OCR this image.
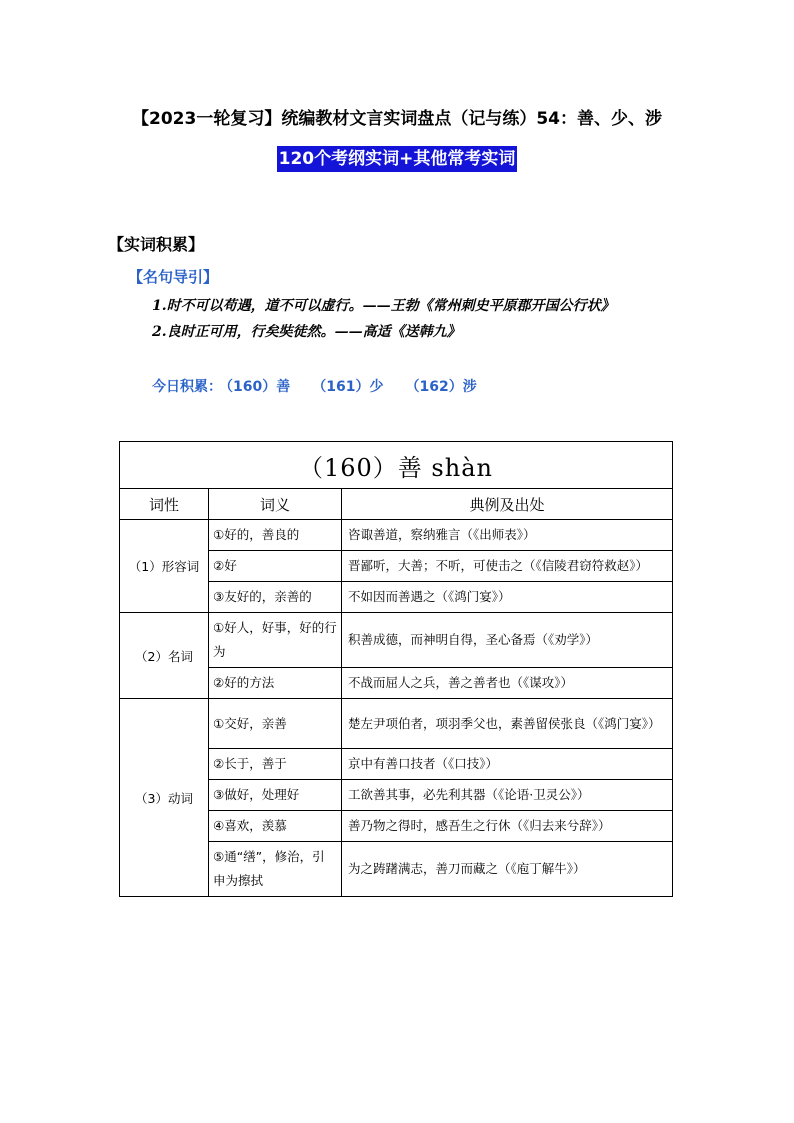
【2023一轮复习】统编教材文言实词盘点（记与练）54：善、少、涉
120个考纲实词+其他常考实词
【实词积累】
【名句导引】
1.时不可以苟遇，道不可以虚行。——王勃《常州刺史平原郡开国公行状》
2.良时正可用，行矣奘徒然。——高适《送韩九》
今日积累： （160）善 （161）少 （162）涉
（160）善 shàn		
词性	词义	典例及出处
（1）形容词	①好的，善良的	咨诹善道，察纳雅言（《出师表》）
	②好	晋鄙听，大善；不听，可使击之（《信陵君窃符救赵》）
	③友好的，亲善的	不如因而善遇之（《鸿门宴》）
（2）名词	①好人，好事，好的行为	积善成德，而神明自得，圣心备焉（《劝学》）
	②好的方法	不战而屈人之兵，善之善者也（《谋攻》）
（3）动词	①交好，亲善	楚左尹项伯者，项羽季父也，素善留侯张良（《鸿门宴》）
	②长于，善于	京中有善口技者（《口技》）
	③做好，处理好	工欲善其事，必先利其器（《论语·卫灵公》）
	④喜欢，羡慕	善乃物之得时，感吾生之行休（《归去来兮辞》）
	⑤通“缮”，修治，引申为擦拭	为之踌躇满志，善刀而藏之（《庖丁解牛》）
